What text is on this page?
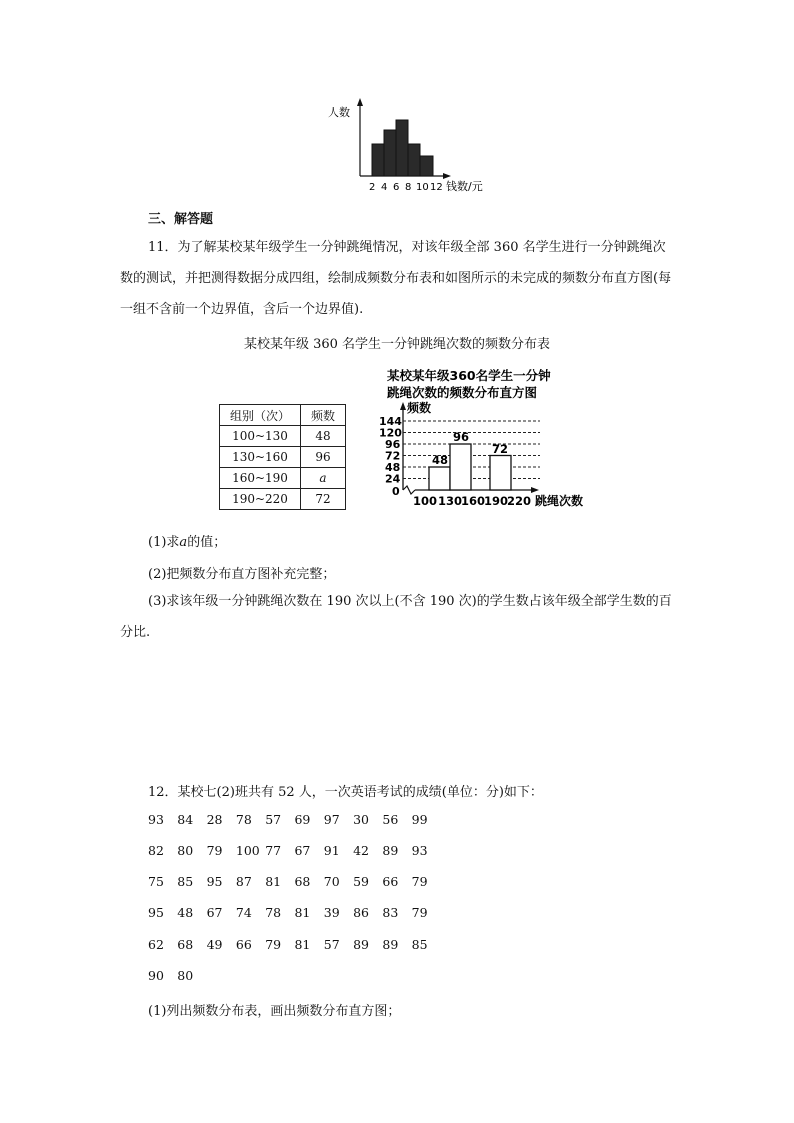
人数
2 4 6 8 10 12 钱数/元
三、解答题
11．为了解某校某年级学生一分钟跳绳情况，对该年级全部 360 名学生进行一分钟跳绳次数的测试，并把测得数据分成四组，绘制成频数分布表和如图所示的未完成的频数分布直方图(每一组不含前一个边界值，含后一个边界值).
某校某年级 360 名学生一分钟跳绳次数的频数分布表
组别（次）	频数
100~130	48
130~160	96
160~190	a
190~220	72
某校某年级360名学生一分钟
跳绳次数的频数分布直方图
频数
144
120
96
72
48
24
0
48
96
72
100 130
160
190
220 跳绳次数
(1)求a的值；
(2)把频数分布直方图补充完整；
(3)求该年级一分钟跳绳次数在 190 次以上(不含 190 次)的学生数占该年级全部学生数的百分比.
12．某校七(2)班共有 52 人，一次英语考试的成绩(单位：分)如下：
93 84 28 78 57 69 97 30 56 99
82 80 79 100 77 67 91 42 89 93
75 85 95 87 81 68 70 59 66 79
95 48 67 74 78 81 39 86 83 79
62 68 49 66 79 81 57 89 89 85
90 80
(1)列出频数分布表，画出频数分布直方图；
